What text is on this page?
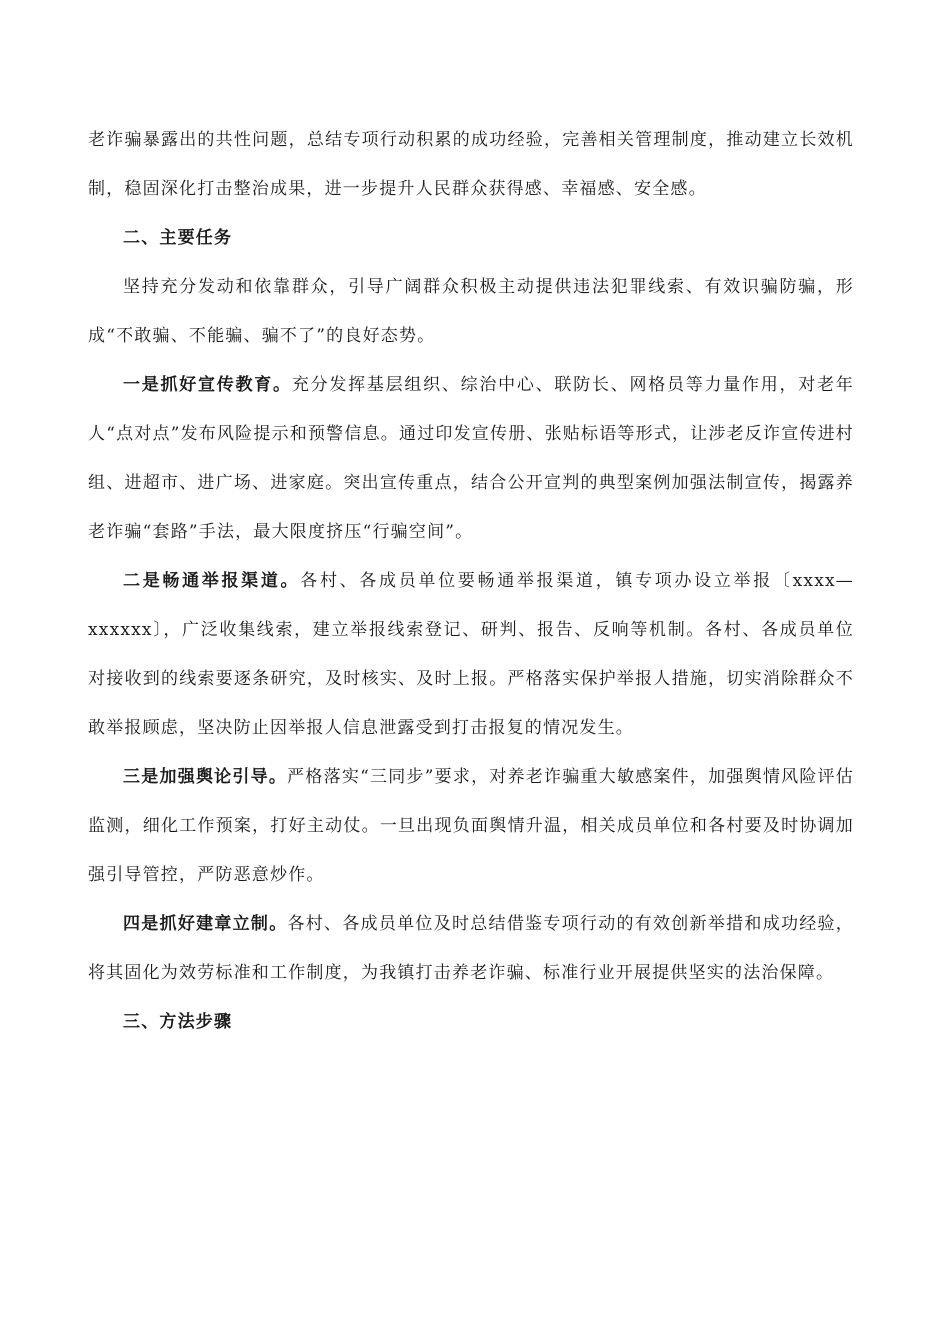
老诈骗暴露出的共性问题，总结专项行动积累的成功经验，完善相关管理制度，推动建立长效机制，稳固深化打击整治成果，进一步提升人民群众获得感、幸福感、安全感。

二、主要任务

坚持充分发动和依靠群众，引导广阔群众积极主动提供违法犯罪线索、有效识骗防骗，形成“不敢骗、不能骗、骗不了”的良好态势。

一是抓好宣传教育。充分发挥基层组织、综治中心、联防长、网格员等力量作用，对老年人“点对点”发布风险提示和预警信息。通过印发宣传册、张贴标语等形式，让涉老反诈宣传进村组、进超市、进广场、进家庭。突出宣传重点，结合公开宣判的典型案例加强法制宣传，揭露养老诈骗“套路”手法，最大限度挤压“行骗空间”。

二是畅通举报渠道。各村、各成员单位要畅通举报渠道，镇专项办设立举报〔xxxx—xxxxxx〕，广泛收集线索，建立举报线索登记、研判、报告、反响等机制。各村、各成员单位对接收到的线索要逐条研究，及时核实、及时上报。严格落实保护举报人措施，切实消除群众不敢举报顾虑，坚决防止因举报人信息泄露受到打击报复的情况发生。

三是加强舆论引导。严格落实“三同步”要求，对养老诈骗重大敏感案件，加强舆情风险评估监测，细化工作预案，打好主动仗。一旦出现负面舆情升温，相关成员单位和各村要及时协调加强引导管控，严防恶意炒作。

四是抓好建章立制。各村、各成员单位及时总结借鉴专项行动的有效创新举措和成功经验，将其固化为效劳标准和工作制度，为我镇打击养老诈骗、标准行业开展提供坚实的法治保障。

三、方法步骤
